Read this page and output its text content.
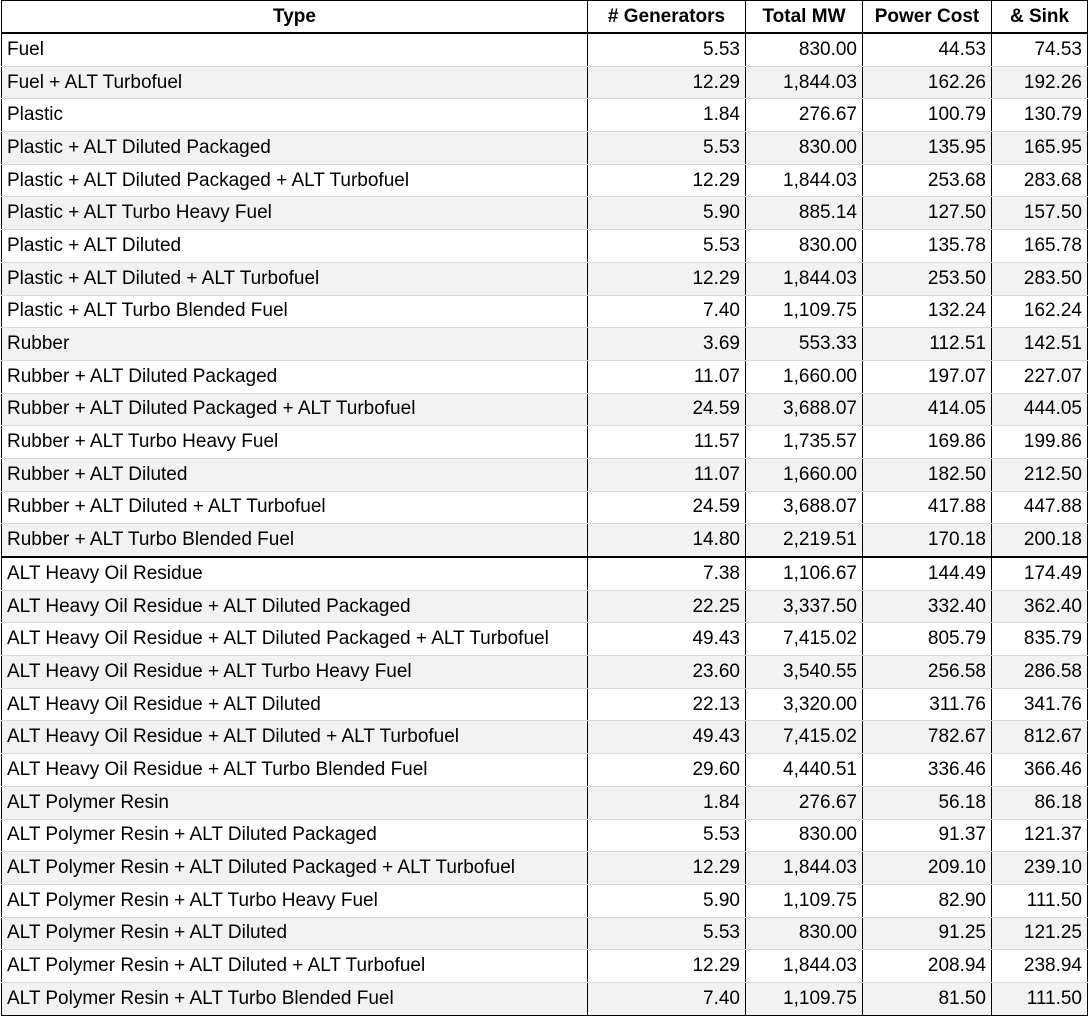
Type	# Generators	Total MW	Power Cost	& Sink
Fuel	5.53	830.00	44.53	74.53
Fuel + ALT Turbofuel	12.29	1,844.03	162.26	192.26
Plastic	1.84	276.67	100.79	130.79
Plastic + ALT Diluted Packaged	5.53	830.00	135.95	165.95
Plastic + ALT Diluted Packaged + ALT Turbofuel	12.29	1,844.03	253.68	283.68
Plastic + ALT Turbo Heavy Fuel	5.90	885.14	127.50	157.50
Plastic + ALT Diluted	5.53	830.00	135.78	165.78
Plastic + ALT Diluted + ALT Turbofuel	12.29	1,844.03	253.50	283.50
Plastic + ALT Turbo Blended Fuel	7.40	1,109.75	132.24	162.24
Rubber	3.69	553.33	112.51	142.51
Rubber + ALT Diluted Packaged	11.07	1,660.00	197.07	227.07
Rubber + ALT Diluted Packaged + ALT Turbofuel	24.59	3,688.07	414.05	444.05
Rubber + ALT Turbo Heavy Fuel	11.57	1,735.57	169.86	199.86
Rubber + ALT Diluted	11.07	1,660.00	182.50	212.50
Rubber + ALT Diluted + ALT Turbofuel	24.59	3,688.07	417.88	447.88
Rubber + ALT Turbo Blended Fuel	14.80	2,219.51	170.18	200.18
ALT Heavy Oil Residue	7.38	1,106.67	144.49	174.49
ALT Heavy Oil Residue + ALT Diluted Packaged	22.25	3,337.50	332.40	362.40
ALT Heavy Oil Residue + ALT Diluted Packaged + ALT Turbofuel	49.43	7,415.02	805.79	835.79
ALT Heavy Oil Residue + ALT Turbo Heavy Fuel	23.60	3,540.55	256.58	286.58
ALT Heavy Oil Residue + ALT Diluted	22.13	3,320.00	311.76	341.76
ALT Heavy Oil Residue + ALT Diluted + ALT Turbofuel	49.43	7,415.02	782.67	812.67
ALT Heavy Oil Residue + ALT Turbo Blended Fuel	29.60	4,440.51	336.46	366.46
ALT Polymer Resin	1.84	276.67	56.18	86.18
ALT Polymer Resin + ALT Diluted Packaged	5.53	830.00	91.37	121.37
ALT Polymer Resin + ALT Diluted Packaged + ALT Turbofuel	12.29	1,844.03	209.10	239.10
ALT Polymer Resin + ALT Turbo Heavy Fuel	5.90	1,109.75	82.90	111.50
ALT Polymer Resin + ALT Diluted	5.53	830.00	91.25	121.25
ALT Polymer Resin + ALT Diluted + ALT Turbofuel	12.29	1,844.03	208.94	238.94
ALT Polymer Resin + ALT Turbo Blended Fuel	7.40	1,109.75	81.50	111.50
